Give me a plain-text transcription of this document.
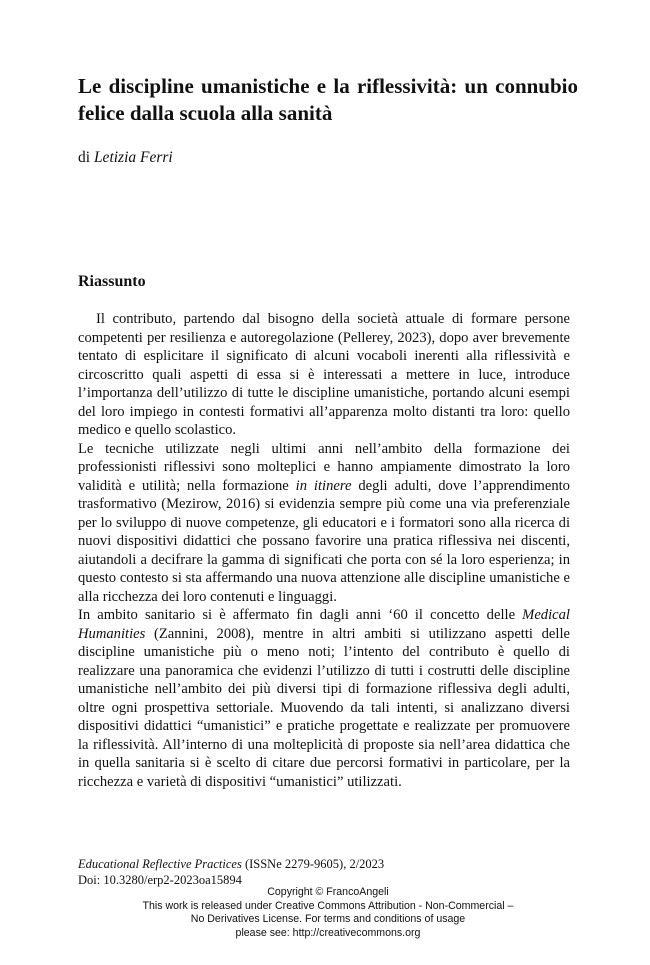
Le discipline umanistiche e la riflessività: un connubio felice dalla scuola alla sanità
di Letizia Ferri
Riassunto

Il contributo, partendo dal bisogno della società attuale di formare persone competenti per resilienza e autoregolazione (Pellerey, 2023), dopo aver brevemente tentato di esplicitare il significato di alcuni vocaboli inerenti alla riflessività e circoscritto quali aspetti di essa si è interessati a mettere in luce, introduce l’importanza dell’utilizzo di tutte le discipline umanistiche, portando alcuni esempi del loro impiego in contesti formativi all’apparenza molto distanti tra loro: quello medico e quello scolastico.

Le tecniche utilizzate negli ultimi anni nell’ambito della formazione dei professionisti riflessivi sono molteplici e hanno ampiamente dimostrato la loro validità e utilità; nella formazione in itinere degli adulti, dove l’apprendimento trasformativo (Mezirow, 2016) si evidenzia sempre più come una via preferenziale per lo sviluppo di nuove competenze, gli educatori e i formatori sono alla ricerca di nuovi dispositivi didattici che possano favorire una pratica riflessiva nei discenti, aiutandoli a decifrare la gamma di significati che porta con sé la loro esperienza; in questo contesto si sta affermando una nuova attenzione alle discipline umanistiche e alla ricchezza dei loro contenuti e linguaggi.

In ambito sanitario si è affermato fin dagli anni ‘60 il concetto delle Medical Humanities (Zannini, 2008), mentre in altri ambiti si utilizzano aspetti delle discipline umanistiche più o meno noti; l’intento del contributo è quello di realizzare una panoramica che evidenzi l’utilizzo di tutti i costrutti delle discipline umanistiche nell’ambito dei più diversi tipi di formazione riflessiva degli adulti, oltre ogni prospettiva settoriale. Muovendo da tali intenti, si analizzano diversi dispositivi didattici “umanistici” e pratiche progettate e realizzate per promuovere la riflessività. All’interno di una molteplicità di proposte sia nell’area didattica che in quella sanitaria si è scelto di citare due percorsi formativi in particolare, per la ricchezza e varietà di dispositivi “umanistici” utilizzati.

Educational Reflective Practices (ISSNe 2279-9605), 2/2023
Doi: 10.3280/erp2-2023oa15894
Copyright © FrancoAngeli
This work is released under Creative Commons Attribution - Non-Commercial –
No Derivatives License. For terms and conditions of usage
please see: http://creativecommons.org
